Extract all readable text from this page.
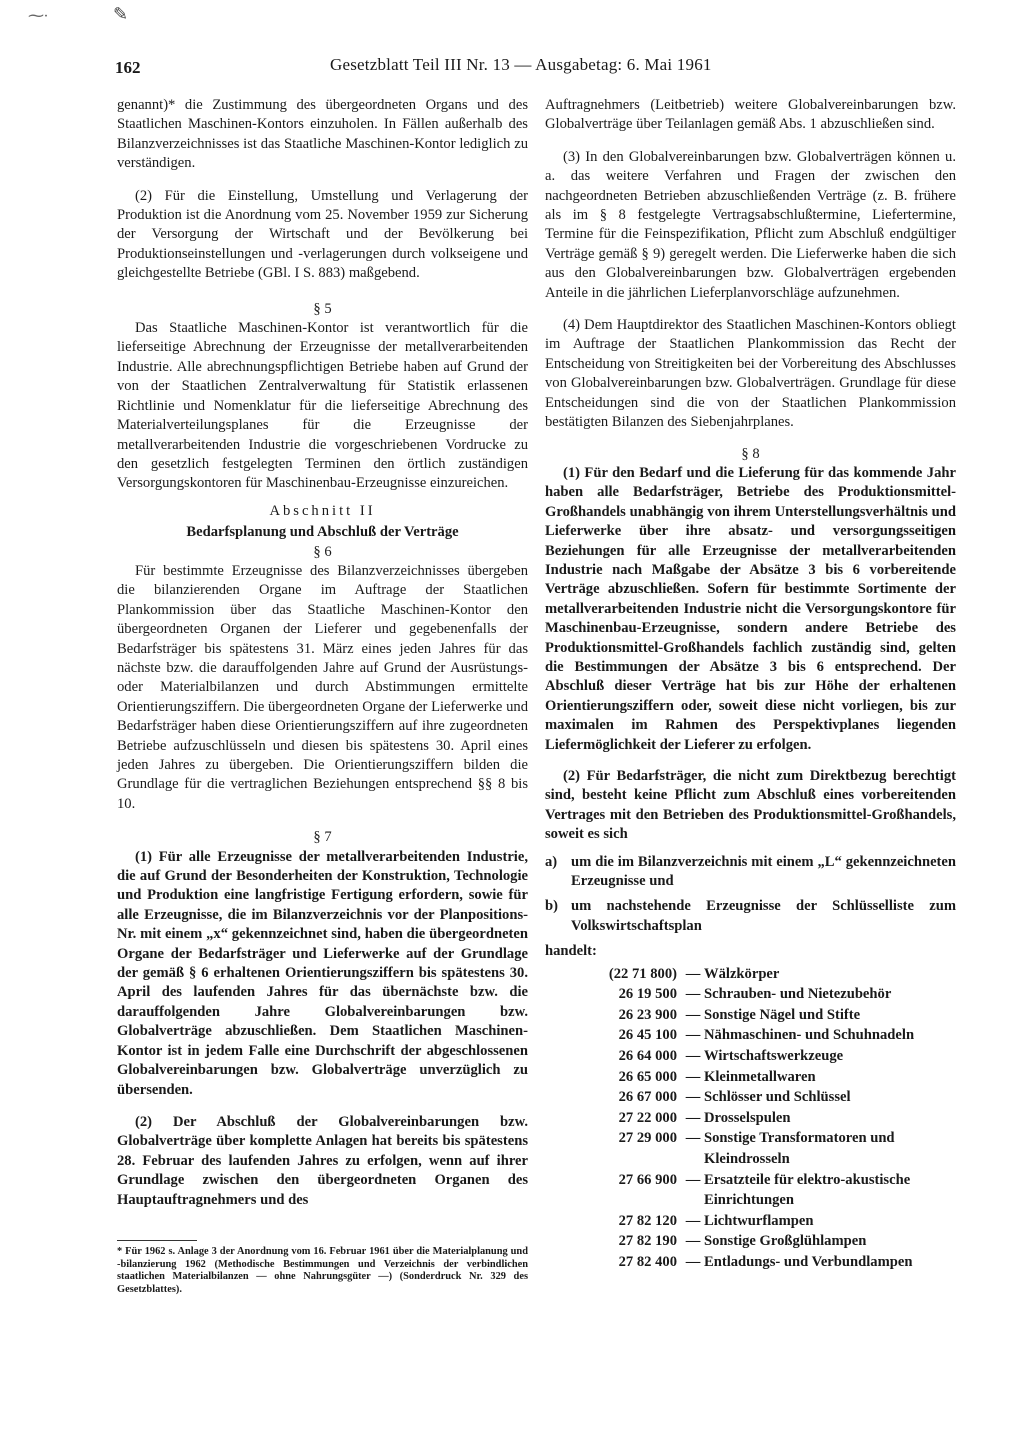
⁓∙	✎
162	Gesetzblatt Teil III Nr. 13 — Ausgabetag: 6. Mai 1961

genannt)* die Zustimmung des übergeordneten Organs und des Staatlichen Maschinen-Kontors einzuholen. In Fällen außerhalb des Bilanzverzeichnisses ist das Staatliche Maschinen-Kontor lediglich zu verständigen.

(2) Für die Einstellung, Umstellung und Verlagerung der Produktion ist die Anordnung vom 25. November 1959 zur Sicherung der Versorgung der Wirtschaft und der Bevölkerung bei Produktionseinstellungen und -verlagerungen durch volkseigene und gleichgestellte Betriebe (GBl. I S. 883) maßgebend.

§ 5

Das Staatliche Maschinen-Kontor ist verantwortlich für die lieferseitige Abrechnung der Erzeugnisse der metallverarbeitenden Industrie. Alle abrechnungspflichtigen Betriebe haben auf Grund der von der Staatlichen Zentralverwaltung für Statistik erlassenen Richtlinie und Nomenklatur für die lieferseitige Abrechnung des Materialverteilungsplanes für die Erzeugnisse der metallverarbeitenden Industrie die vorgeschriebenen Vordrucke zu den gesetzlich festgelegten Terminen den örtlich zuständigen Versorgungskontoren für Maschinenbau-Erzeugnisse einzureichen.

Abschnitt II
Bedarfsplanung und Abschluß der Verträge
§ 6

Für bestimmte Erzeugnisse des Bilanzverzeichnisses übergeben die bilanzierenden Organe im Auftrage der Staatlichen Plankommission über das Staatliche Maschinen-Kontor den übergeordneten Organen der Lieferer und gegebenenfalls der Bedarfsträger bis spätestens 31. März eines jeden Jahres für das nächste bzw. die darauffolgenden Jahre auf Grund der Ausrüstungs- oder Materialbilanzen und durch Abstimmungen ermittelte Orientierungsziffern. Die übergeordneten Organe der Lieferwerke und Bedarfsträger haben diese Orientierungsziffern auf ihre zugeordneten Betriebe aufzuschlüsseln und diesen bis spätestens 30. April eines jeden Jahres zu übergeben. Die Orientierungsziffern bilden die Grundlage für die vertraglichen Beziehungen entsprechend §§ 8 bis 10.

§ 7

(1) Für alle Erzeugnisse der metallverarbeitenden Industrie, die auf Grund der Besonderheiten der Konstruktion, Technologie und Produktion eine langfristige Fertigung erfordern, sowie für alle Erzeugnisse, die im Bilanzverzeichnis vor der Planpositions-Nr. mit einem „x“ gekennzeichnet sind, haben die übergeordneten Organe der Bedarfsträger und Lieferwerke auf der Grundlage der gemäß § 6 erhaltenen Orientierungsziffern bis spätestens 30. April des laufenden Jahres für das übernächste bzw. die darauffolgenden Jahre Globalvereinbarungen bzw. Globalverträge abzuschließen. Dem Staatlichen Maschinen-Kontor ist in jedem Falle eine Durchschrift der abgeschlossenen Globalvereinbarungen bzw. Globalverträge unverzüglich zu übersenden.

(2) Der Abschluß der Globalvereinbarungen bzw. Globalverträge über komplette Anlagen hat bereits bis spätestens 28. Februar des laufenden Jahres zu erfolgen, wenn auf ihrer Grundlage zwischen den übergeordneten Organen des Hauptauftragnehmers und des

* Für 1962 s. Anlage 3 der Anordnung vom 16. Februar 1961 über die Materialplanung und -bilanzierung 1962 (Methodische Bestimmungen und Verzeichnis der verbindlichen staatlichen Materialbilanzen — ohne Nahrungsgüter —) (Sonderdruck Nr. 329 des Gesetzblattes).

Auftragnehmers (Leitbetrieb) weitere Globalvereinbarungen bzw. Globalverträge über Teilanlagen gemäß Abs. 1 abzuschließen sind.

(3) In den Globalvereinbarungen bzw. Globalverträgen können u. a. das weitere Verfahren und Fragen der zwischen den nachgeordneten Betrieben abzuschließenden Verträge (z. B. frühere als im § 8 festgelegte Vertragsabschlußtermine, Liefertermine, Termine für die Feinspezifikation, Pflicht zum Abschluß endgültiger Verträge gemäß § 9) geregelt werden. Die Lieferwerke haben die sich aus den Globalvereinbarungen bzw. Globalverträgen ergebenden Anteile in die jährlichen Lieferplanvorschläge aufzunehmen.

(4) Dem Hauptdirektor des Staatlichen Maschinen-Kontors obliegt im Auftrage der Staatlichen Plankommission das Recht der Entscheidung von Streitigkeiten bei der Vorbereitung des Abschlusses von Globalvereinbarungen bzw. Globalverträgen. Grundlage für diese Entscheidungen sind die von der Staatlichen Plankommission bestätigten Bilanzen des Siebenjahrplanes.

§ 8

(1) Für den Bedarf und die Lieferung für das kommende Jahr haben alle Bedarfsträger, Betriebe des Produktionsmittel-Großhandels unabhängig von ihrem Unterstellungsverhältnis und Lieferwerke über ihre absatz- und versorgungsseitigen Beziehungen für alle Erzeugnisse der metallverarbeitenden Industrie nach Maßgabe der Absätze 3 bis 6 vorbereitende Verträge abzuschließen. Sofern für bestimmte Sortimente der metallverarbeitenden Industrie nicht die Versorgungskontore für Maschinenbau-Erzeugnisse, sondern andere Betriebe des Produktionsmittel-Großhandels fachlich zuständig sind, gelten die Bestimmungen der Absätze 3 bis 6 entsprechend. Der Abschluß dieser Verträge hat bis zur Höhe der erhaltenen Orientierungsziffern oder, soweit diese nicht vorliegen, bis zur maximalen im Rahmen des Perspektivplanes liegenden Liefermöglichkeit der Lieferer zu erfolgen.

(2) Für Bedarfsträger, die nicht zum Direktbezug berechtigt sind, besteht keine Pflicht zum Abschluß eines vorbereitenden Vertrages mit den Betrieben des Produktionsmittel-Großhandels, soweit es sich

a) um die im Bilanzverzeichnis mit einem „L“ gekennzeichneten Erzeugnisse und
b) um nachstehende Erzeugnisse der Schlüsselliste zum Volkswirtschaftsplan
handelt:
(22 71 800) — Wälzkörper
26 19 500 — Schrauben- und Nietezubehör
26 23 900 — Sonstige Nägel und Stifte
26 45 100 — Nähmaschinen- und Schuhnadeln
26 64 000 — Wirtschaftswerkzeuge
26 65 000 — Kleinmetallwaren
26 67 000 — Schlösser und Schlüssel
27 22 000 — Drosselspulen
27 29 000 — Sonstige Transformatoren und Kleindrosseln
27 66 900 — Ersatzteile für elektro-akustische Einrichtungen
27 82 120 — Lichtwurflampen
27 82 190 — Sonstige Großglühlampen
27 82 400 — Entladungs- und Verbundlampen
